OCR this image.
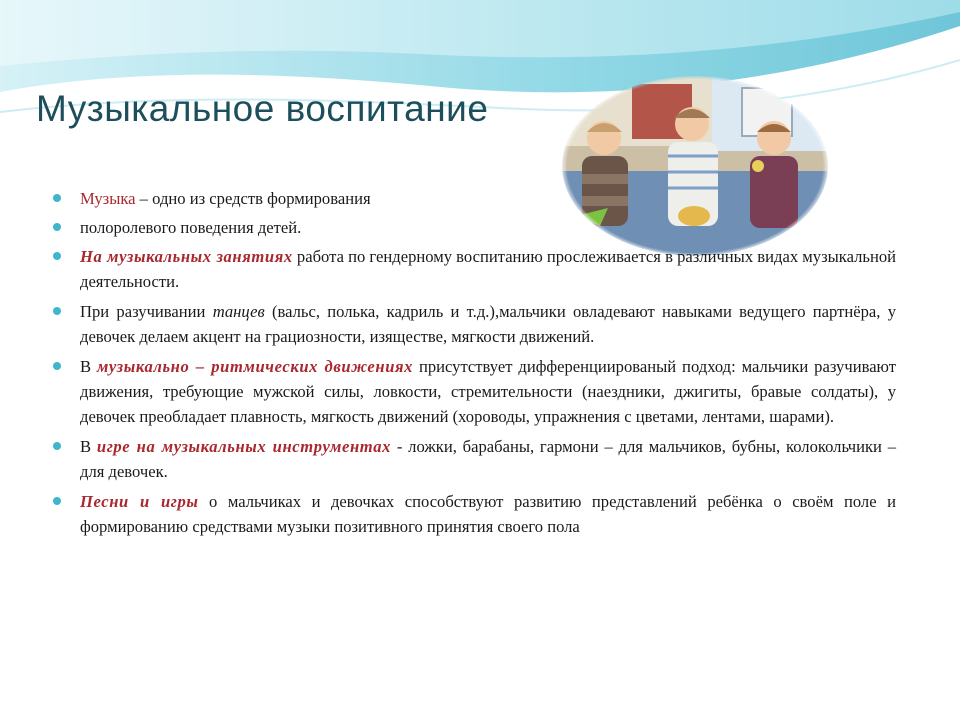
Музыкальное воспитание
Музыка – одно из средств формирования
полоролевого поведения детей.
На музыкальных занятиях работа по гендерному воспитанию прослеживается в различных видах музыкальной деятельности.
При разучивании танцев (вальс, полька, кадриль и т.д.),мальчики овладевают навыками ведущего партнёра, у девочек делаем акцент на грациозности, изяществе, мягкости движений.
В музыкально – ритмических движениях присутствует дифференциированый подход: мальчики разучивают движения, требующие мужской силы, ловкости, стремительности (наездники, джигиты, бравые солдаты), у девочек преобладает плавность, мягкость движений (хороводы, упражнения с цветами, лентами, шарами).
В игре на музыкальных инструментах - ложки, барабаны, гармони – для мальчиков, бубны, колокольчики – для девочек.
Песни и игры о мальчиках и девочках способствуют развитию представлений ребёнка о своём поле и формированию средствами музыки позитивного принятия своего пола
